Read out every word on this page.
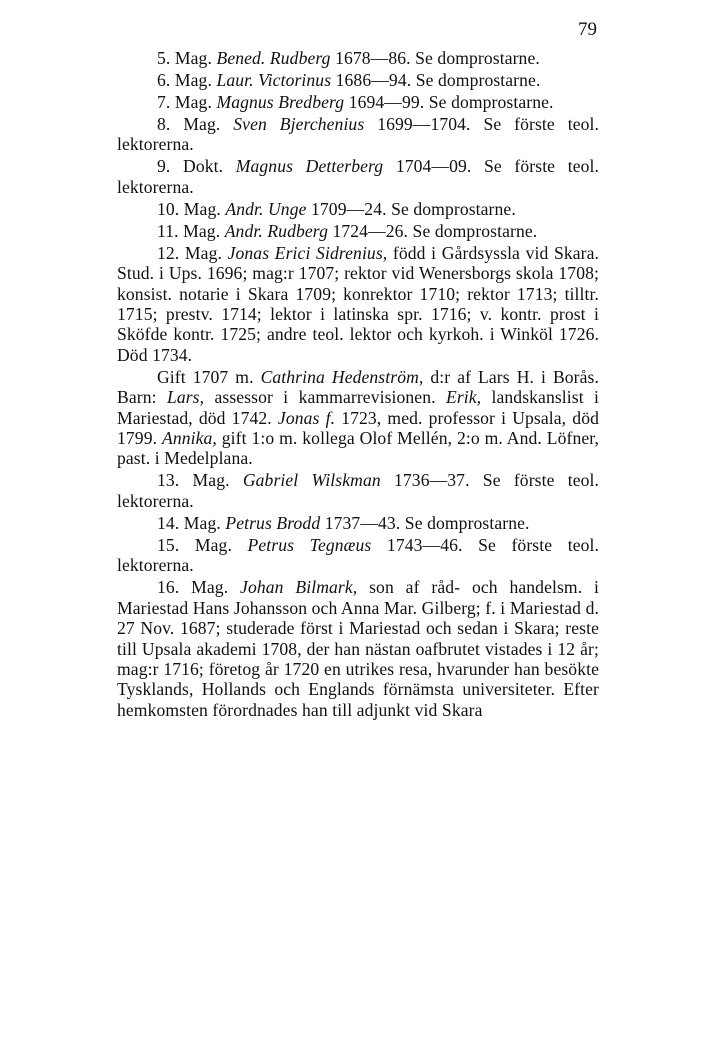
79

5. Mag. Bened. Rudberg 1678—86. Se domprostarne.

6. Mag. Laur. Victorinus 1686—94. Se domprostarne.

7. Mag. Magnus Bredberg 1694—99. Se domprostarne.

8. Mag. Sven Bjerchenius 1699—1704. Se förste teol. lektorerna.

9. Dokt. Magnus Detterberg 1704—09. Se förste teol. lektorerna.

10. Mag. Andr. Unge 1709—24. Se domprostarne.

11. Mag. Andr. Rudberg 1724—26. Se domprostarne.

12. Mag. Jonas Erici Sidrenius, född i Gårdsyssla vid Skara. Stud. i Ups. 1696; mag:r 1707; rektor vid Wenersborgs skola 1708; konsist. notarie i Skara 1709; konrektor 1710; rektor 1713; tilltr. 1715; prestv. 1714; lektor i latinska spr. 1716; v. kontr. prost i Sköfde kontr. 1725; andre teol. lektor och kyrkoh. i Winköl 1726. Död 1734.

Gift 1707 m. Cathrina Hedenström, d:r af Lars H. i Borås. Barn: Lars, assessor i kammarrevisionen. Erik, landskanslist i Mariestad, död 1742. Jonas f. 1723, med. professor i Upsala, död 1799. Annika, gift 1:o m. kollega Olof Mellén, 2:o m. And. Löfner, past. i Medelplana.

13. Mag. Gabriel Wilskman 1736—37. Se förste teol. lektorerna.

14. Mag. Petrus Brodd 1737—43. Se domprostarne.

15. Mag. Petrus Tegnæus 1743—46. Se förste teol. lektorerna.

16. Mag. Johan Bilmark, son af råd- och handelsm. i Mariestad Hans Johansson och Anna Mar. Gilberg; f. i Mariestad d. 27 Nov. 1687; studerade först i Mariestad och sedan i Skara; reste till Upsala akademi 1708, der han nästan oafbrutet vistades i 12 år; mag:r 1716; företog år 1720 en utrikes resa, hvarunder han besökte Tysklands, Hollands och Englands förnämsta universiteter. Efter hemkomsten förordnades han till adjunkt vid Skara
